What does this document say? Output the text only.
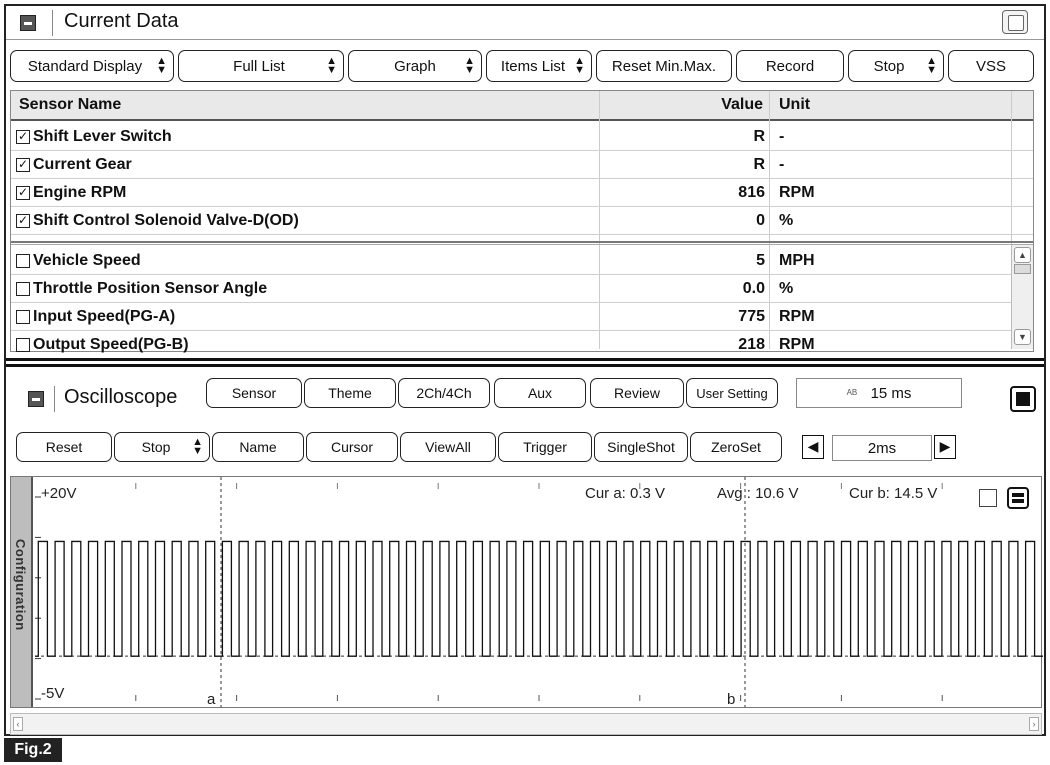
Current Data
Standard Display ▲
▼	Full List	▲
▼	Graph	▲
▼ Items List ▲
▼	Reset Min.Max.	Record	Stop ▲
▼	VSS
Sensor Name	Value Unit
✓ Shift Lever Switch	R -
✓ Current Gear	R -
✓ Engine RPM	816 RPM
✓ Shift Control Solenoid Valve-D(OD)	0 %
Vehicle Speed	5 MPH
Throttle Position Sensor Angle	0.0 %
Input Speed(PG-A)	775 RPM
Output Speed(PG-B)	218 RPM
▲
▼
Oscilloscope	Sensor	Theme	2Ch/4Ch	Aux	Review	User Setting	AB 15 ms
Reset	Stop ▲
▼	Name	Cursor	ViewAll	Trigger	SingleShot	ZeroSet	◀	2ms	▶
Configuration
+20V
-5V
Cur a: 0.3 V	Avg : 10.6 V	Cur b: 14.5 V
a	b
‹	›
Fig.2
